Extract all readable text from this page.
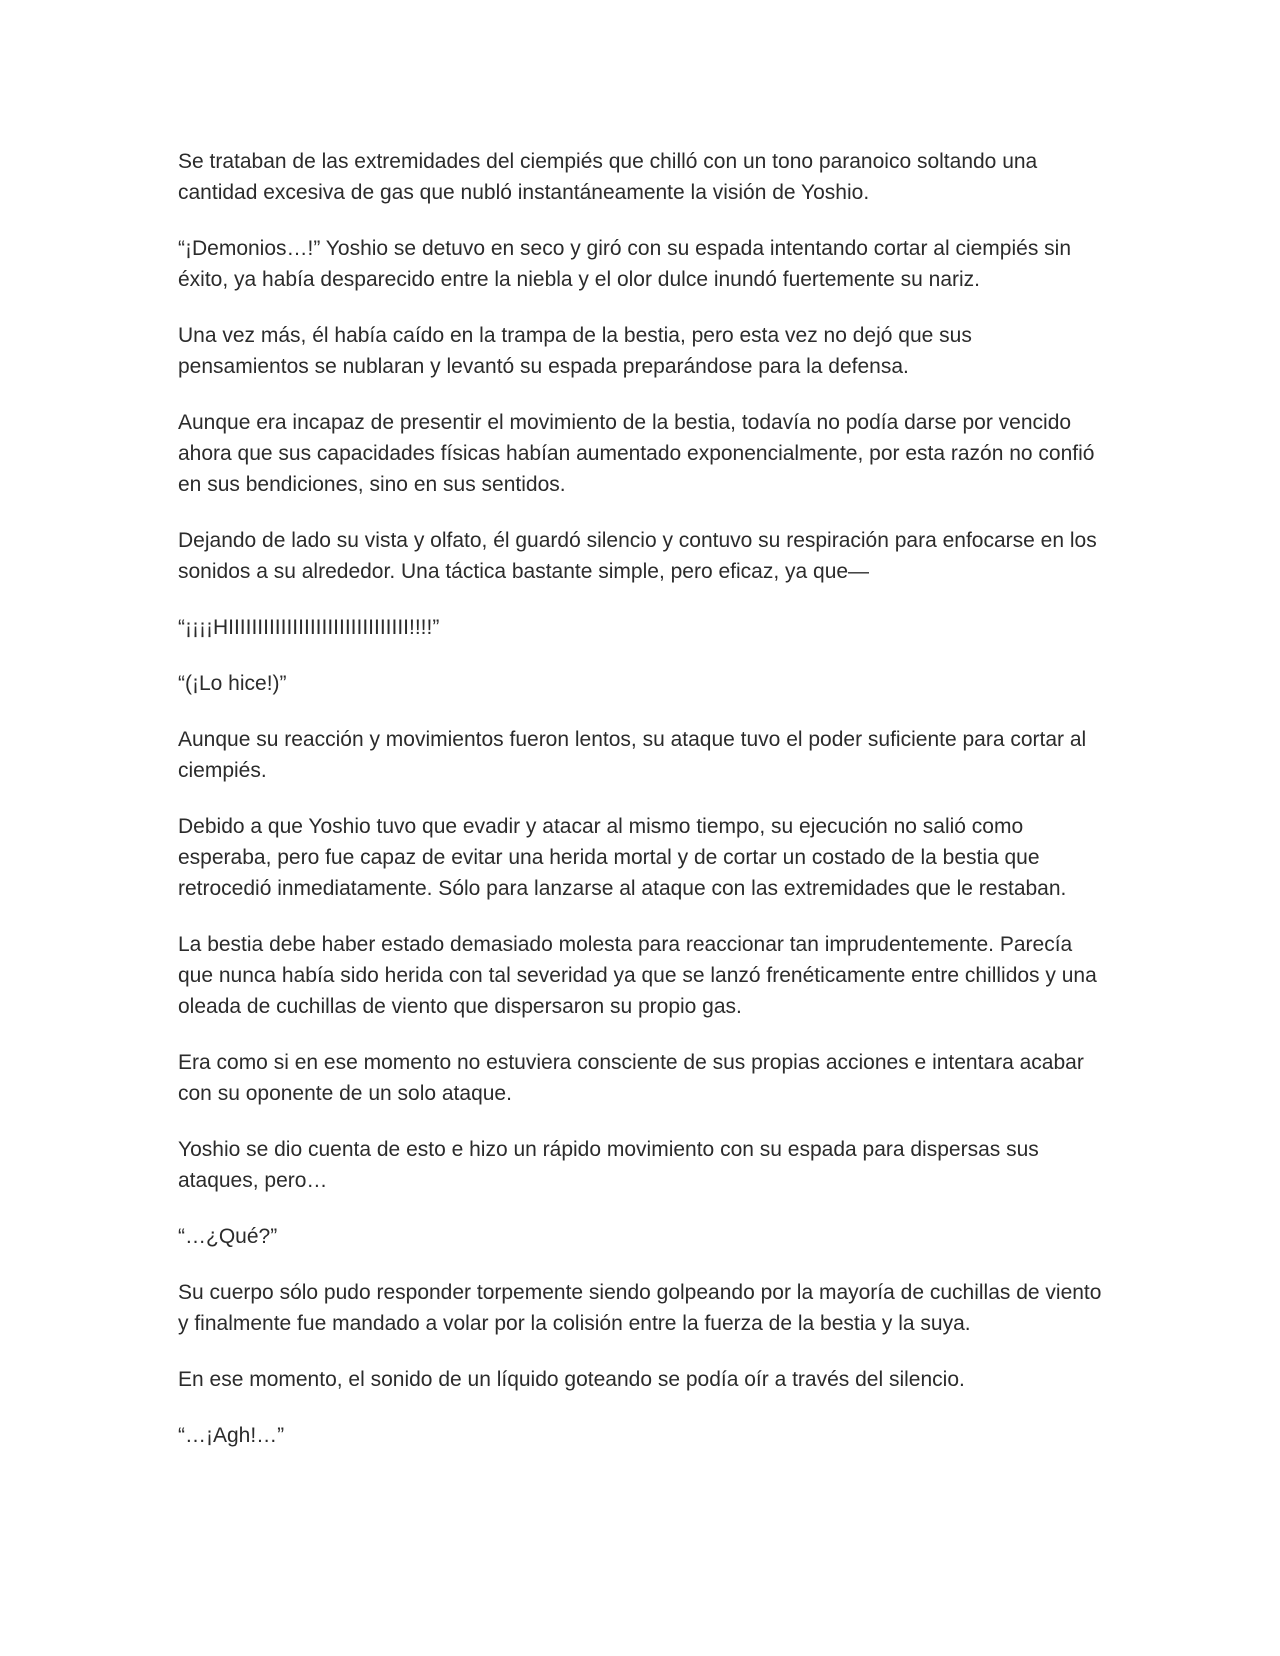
Se trataban de las extremidades del ciempiés que chilló con un tono paranoico soltando una cantidad excesiva de gas que nubló instantáneamente la visión de Yoshio.

“¡Demonios…!” Yoshio se detuvo en seco y giró con su espada intentando cortar al ciempiés sin éxito, ya había desparecido entre la niebla y el olor dulce inundó fuertemente su nariz.

Una vez más, él había caído en la trampa de la bestia, pero esta vez no dejó que sus pensamientos se nublaran y levantó su espada preparándose para la defensa.

Aunque era incapaz de presentir el movimiento de la bestia, todavía no podía darse por vencido ahora que sus capacidades físicas habían aumentado exponencialmente, por esta razón no confió en sus bendiciones, sino en sus sentidos.

Dejando de lado su vista y olfato, él guardó silencio y contuvo su respiración para enfocarse en los sonidos a su alrededor. Una táctica bastante simple, pero eficaz, ya que—

“¡¡¡¡HIIIIIIIIIIIIIIIIIIIIIIIIIIIIIII!!!!”

“(¡Lo hice!)”

Aunque su reacción y movimientos fueron lentos, su ataque tuvo el poder suficiente para cortar al ciempiés.

Debido a que Yoshio tuvo que evadir y atacar al mismo tiempo, su ejecución no salió como esperaba, pero fue capaz de evitar una herida mortal y de cortar un costado de la bestia que retrocedió inmediatamente. Sólo para lanzarse al ataque con las extremidades que le restaban.

La bestia debe haber estado demasiado molesta para reaccionar tan imprudentemente. Parecía que nunca había sido herida con tal severidad ya que se lanzó frenéticamente entre chillidos y una oleada de cuchillas de viento que dispersaron su propio gas.

Era como si en ese momento no estuviera consciente de sus propias acciones e intentara acabar con su oponente de un solo ataque.

Yoshio se dio cuenta de esto e hizo un rápido movimiento con su espada para dispersas sus ataques, pero…

“…¿Qué?”

Su cuerpo sólo pudo responder torpemente siendo golpeando por la mayoría de cuchillas de viento y finalmente fue mandado a volar por la colisión entre la fuerza de la bestia y la suya.

En ese momento, el sonido de un líquido goteando se podía oír a través del silencio.

“…¡Agh!…”
